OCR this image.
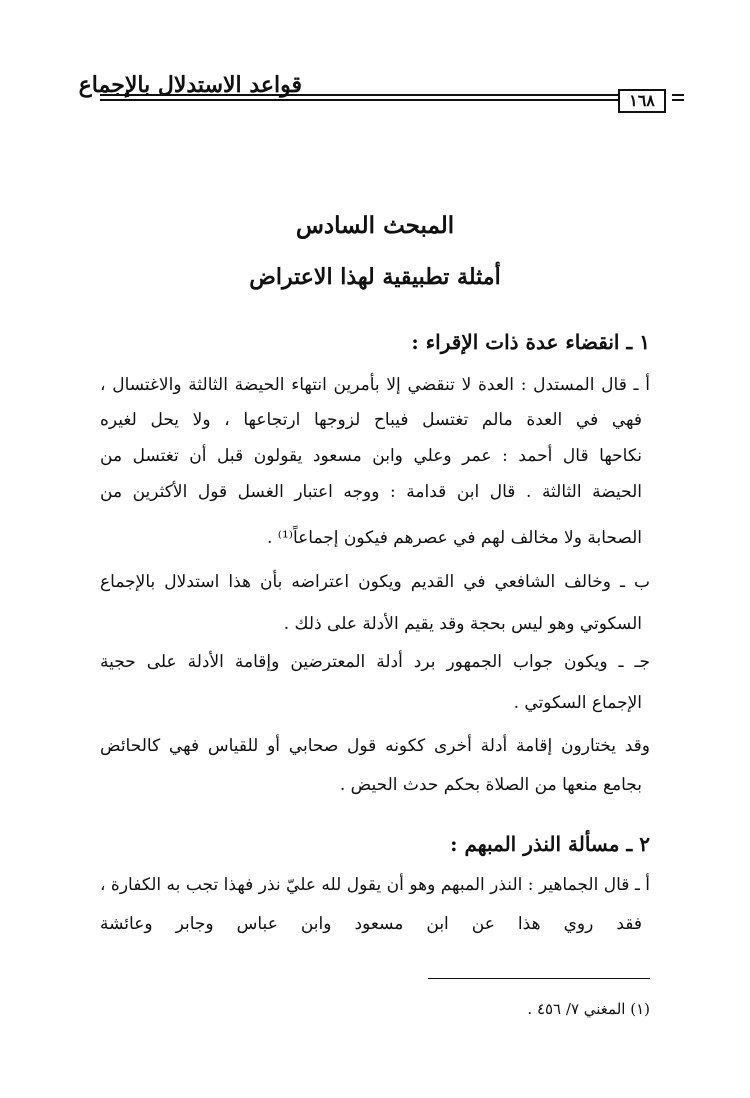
قواعد الاستدلال بالإجماع
١٦٨
المبحث السادس
أمثلة تطبيقية لهذا الاعتراض
١ ـ انقضاء عدة ذات الإقراء :
أ ـ قال المستدل : العدة لا تنقضي إلا بأمرين انتهاء الحيضة الثالثة والاغتسال ،
فهي في العدة مالم تغتسل فيباح لزوجها ارتجاعها ، ولا يحل لغيره
نكاحها قال أحمد : عمر وعلي وابن مسعود يقولون قبل أن تغتسل من
الحيضة الثالثة . قال ابن قدامة : ووجه اعتبار الغسل قول الأكثرين من
الصحابة ولا مخالف لهم في عصرهم فيكون إجماعاً⁽¹⁾ .
ب ـ وخالف الشافعي في القديم ويكون اعتراضه بأن هذا استدلال بالإجماع
السكوتي وهو ليس بحجة وقد يقيم الأدلة على ذلك .
جـ ـ ويكون جواب الجمهور برد أدلة المعترضين وإقامة الأدلة على حجية
الإجماع السكوتي .
وقد يختارون إقامة أدلة أخرى ككونه قول صحابي أو للقياس فهي كالحائض
بجامع منعها من الصلاة بحكم حدث الحيض .
٢ ـ مسألة النذر المبهم :
أ ـ قال الجماهير : النذر المبهم وهو أن يقول لله عليّ نذر فهذا تجب به الكفارة ،
فقد روي هذا عن ابن مسعود وابن عباس وجابر وعائشة
(١) المغني ٧/ ٤٥٦ .
